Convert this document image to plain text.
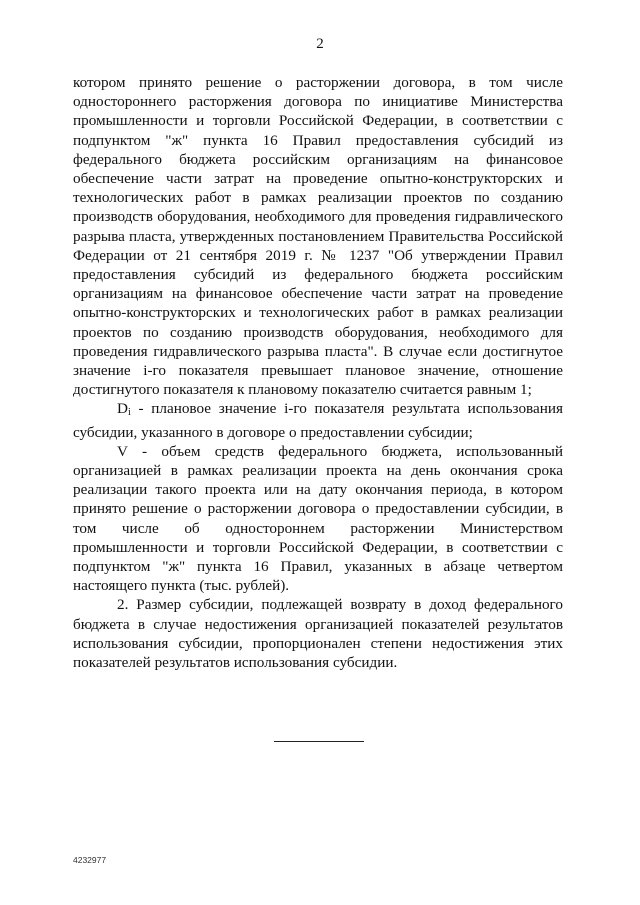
2

котором принято решение о расторжении договора, в том числе одностороннего расторжения договора по инициативе Министерства промышленности и торговли Российской Федерации, в соответствии с подпунктом "ж" пункта 16 Правил предоставления субсидий из федерального бюджета российским организациям на финансовое обеспечение части затрат на проведение опытно-конструкторских и технологических работ в рамках реализации проектов по созданию производств оборудования, необходимого для проведения гидравлического разрыва пласта, утвержденных постановлением Правительства Российской Федерации от 21 сентября 2019 г. № 1237 "Об утверждении Правил предоставления субсидий из федерального бюджета российским организациям на финансовое обеспечение части затрат на проведение опытно-конструкторских и технологических работ в рамках реализации проектов по созданию производств оборудования, необходимого для проведения гидравлического разрыва пласта". В случае если достигнутое значение i-го показателя превышает плановое значение, отношение достигнутого показателя к плановому показателю считается равным 1;

$D_i$ - плановое значение i-го показателя результата использования субсидии, указанного в договоре о предоставлении субсидии;

V - объем средств федерального бюджета, использованный организацией в рамках реализации проекта на день окончания срока реализации такого проекта или на дату окончания периода, в котором принято решение о расторжении договора о предоставлении субсидии, в том числе об одностороннем расторжении Министерством промышленности и торговли Российской Федерации, в соответствии с подпунктом "ж" пункта 16 Правил, указанных в абзаце четвертом настоящего пункта (тыс. рублей).

2. Размер субсидии, подлежащей возврату в доход федерального бюджета в случае недостижения организацией показателей результатов использования субсидии, пропорционален степени недостижения этих показателей результатов использования субсидии.

4232977
